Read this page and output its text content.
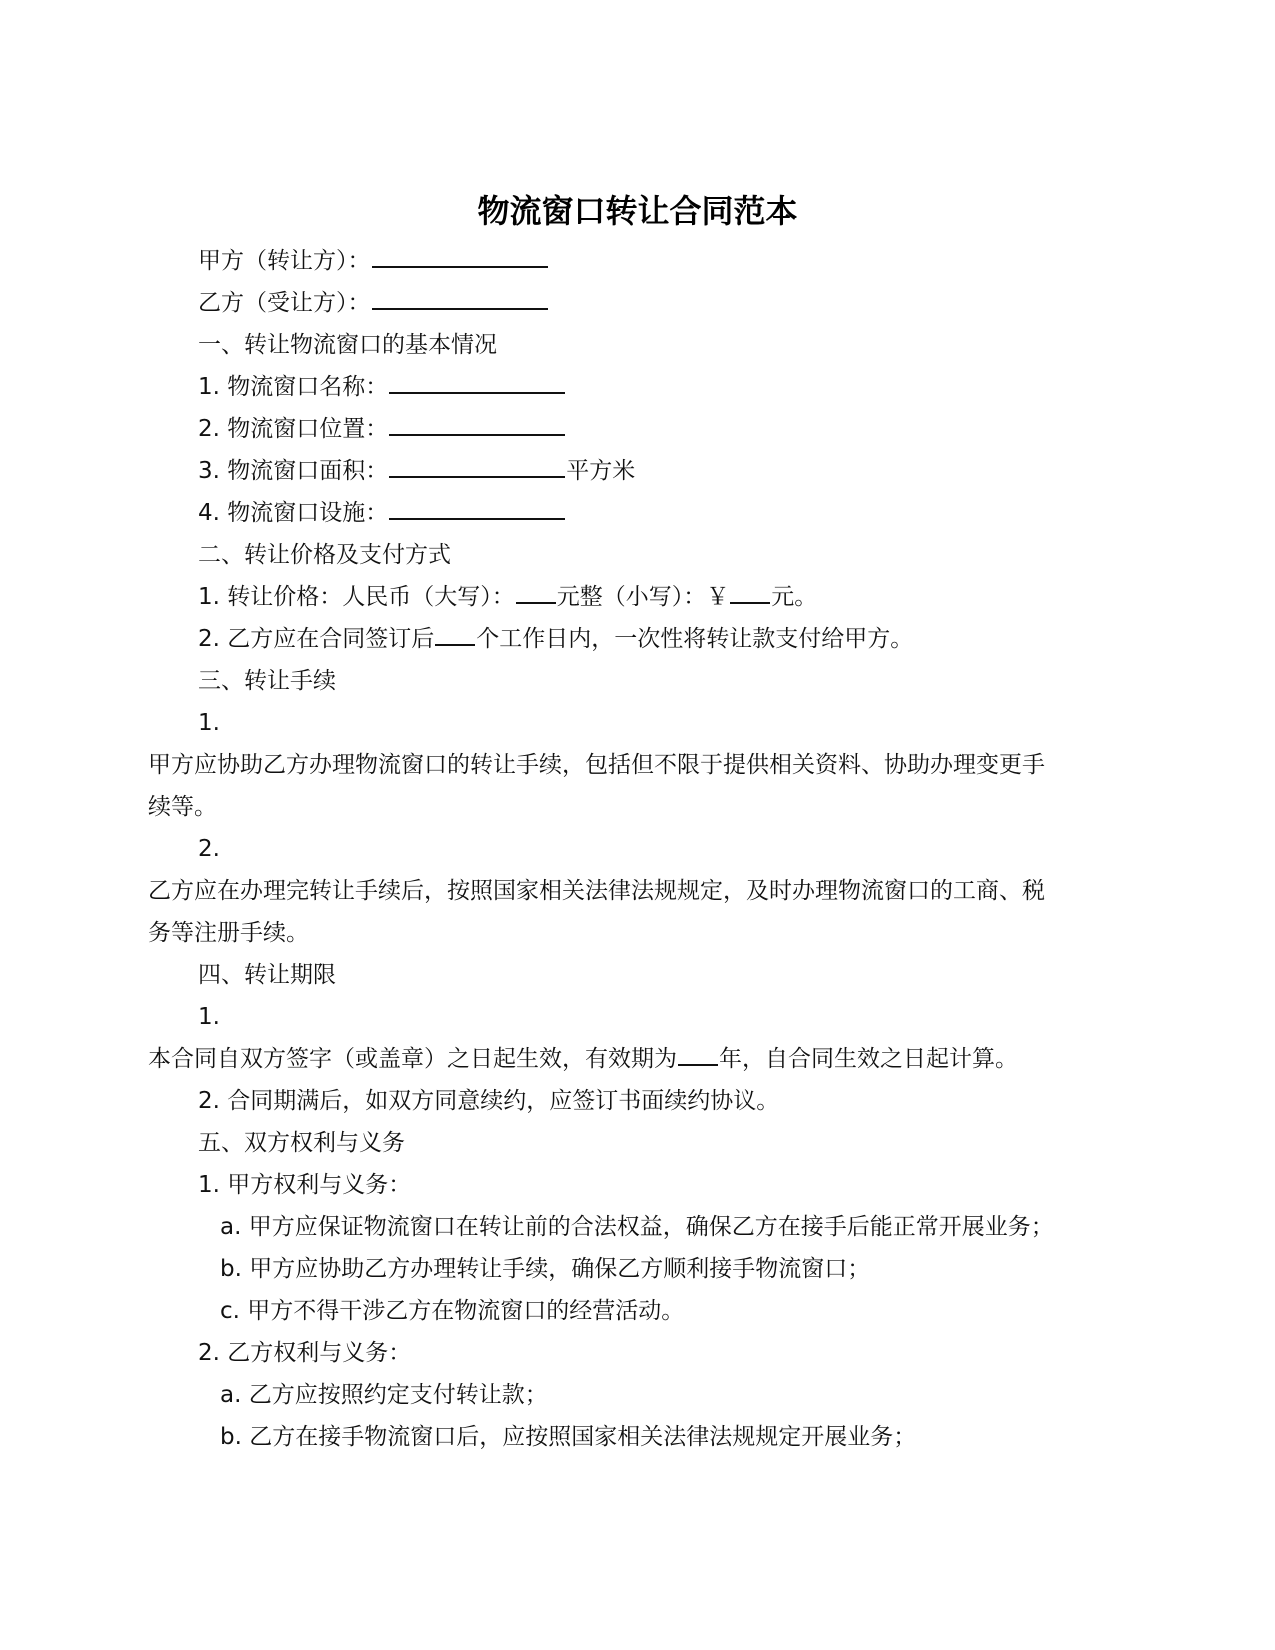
物流窗口转让合同范本
甲方（转让方）：
乙方（受让方）：
一、转让物流窗口的基本情况
1. 物流窗口名称：
2. 物流窗口位置：
3. 物流窗口面积：	平方米
4. 物流窗口设施：
二、转让价格及支付方式
1. 转让价格：人民币（大写）： 元整（小写）：￥ 元。
2. 乙方应在合同签订后 个工作日内，一次性将转让款支付给甲方。
三、转让手续
1.
甲方应协助乙方办理物流窗口的转让手续，包括但不限于提供相关资料、协助办理变更手
续等。
2.
乙方应在办理完转让手续后，按照国家相关法律法规规定，及时办理物流窗口的工商、税
务等注册手续。
四、转让期限
1.
本合同自双方签字（或盖章）之日起生效，有效期为 年，自合同生效之日起计算。
2. 合同期满后，如双方同意续约，应签订书面续约协议。
五、双方权利与义务
1. 甲方权利与义务：
a. 甲方应保证物流窗口在转让前的合法权益，确保乙方在接手后能正常开展业务；
b. 甲方应协助乙方办理转让手续，确保乙方顺利接手物流窗口；
c. 甲方不得干涉乙方在物流窗口的经营活动。
2. 乙方权利与义务：
a. 乙方应按照约定支付转让款；
b. 乙方在接手物流窗口后，应按照国家相关法律法规规定开展业务；
